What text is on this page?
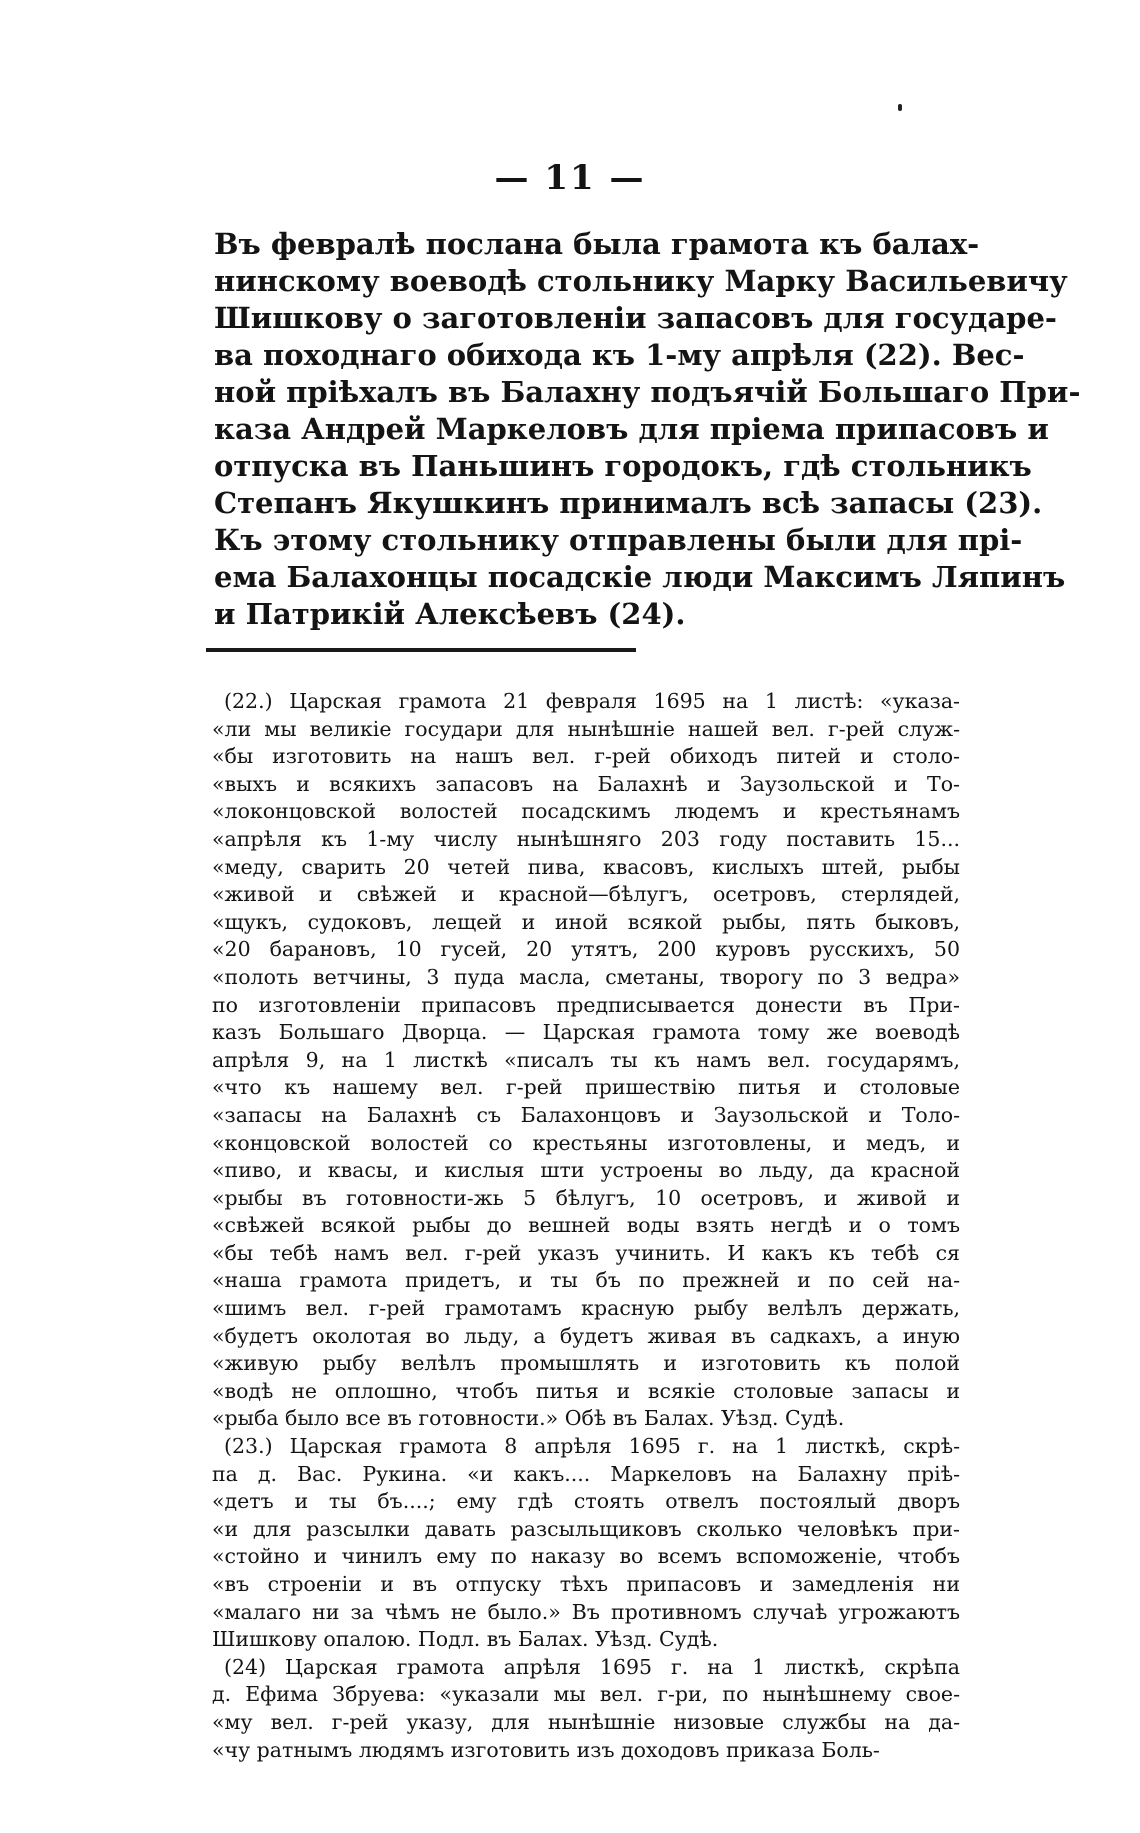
— 11 —
Въ февралѣ послана была грамота къ балах-
нинскому воеводѣ стольнику Марку Васильевичу
Шишкову о заготовленіи запасовъ для государе-
ва походнаго обихода къ 1-му апрѣля (22). Вес-
ной пріѣхалъ въ Балахну подъячій Большаго При-
каза Андрей Маркеловъ для пріема припасовъ и
отпуска въ Паньшинъ городокъ, гдѣ стольникъ
Степанъ Якушкинъ принималъ всѣ запасы (23).
Къ этому стольнику отправлены были для прі-
ема Балахонцы посадскіе люди Максимъ Ляпинъ
и Патрикій Алексѣевъ (24).
(22.) Царская грамота 21 февраля 1695 на 1 листѣ: «указа-
«ли мы великіе государи для нынѣшніе нашей вел. г-рей служ-
«бы изготовить на нашъ вел. г-рей обиходъ питей и столо-
«выхъ и всякихъ запасовъ на Балахнѣ и Заузольской и То-
«локонцовской волостей посадскимъ людемъ и крестьянамъ
«апрѣля къ 1-му числу нынѣшняго 203 году поставить 15...
«меду, сварить 20 четей пива, квасовъ, кислыхъ штей, рыбы
«живой и свѣжей и красной—бѣлугъ, осетровъ, стерлядей,
«щукъ, судоковъ, лещей и иной всякой рыбы, пять быковъ,
«20 барановъ, 10 гусей, 20 утятъ, 200 куровъ русскихъ, 50
«полоть ветчины, 3 пуда масла, сметаны, творогу по 3 ведра»
по изготовленіи припасовъ предписывается донести въ При-
казъ Большаго Дворца. — Царская грамота тому же воеводѣ
апрѣля 9, на 1 листкѣ «писалъ ты къ намъ вел. государямъ,
«что къ нашему вел. г-рей пришествію питья и столовые
«запасы на Балахнѣ съ Балахонцовъ и Заузольской и Толо-
«концовской волостей со крестьяны изготовлены, и медъ, и
«пиво, и квасы, и кислыя шти устроены во льду, да красной
«рыбы въ готовности-жь 5 бѣлугъ, 10 осетровъ, и живой и
«свѣжей всякой рыбы до вешней воды взять негдѣ и о томъ
«бы тебѣ намъ вел. г-рей указъ учинить. И какъ къ тебѣ ся
«наша грамота придетъ, и ты бъ по прежней и по сей на-
«шимъ вел. г-рей грамотамъ красную рыбу велѣлъ держать,
«будетъ околотая во льду, а будетъ живая въ садкахъ, а иную
«живую рыбу велѣлъ промышлять и изготовить къ полой
«водѣ не оплошно, чтобъ питья и всякіе столовые запасы и
«рыба было все въ готовности.» Обѣ въ Балах. Уѣзд. Судѣ.
(23.) Царская грамота 8 апрѣля 1695 г. на 1 листкѣ, скрѣ-
па д. Вас. Рукина. «и какъ.... Маркеловъ на Балахну пріѣ-
«детъ и ты бъ....; ему гдѣ стоять отвелъ постоялый дворъ
«и для разсылки давать разсыльщиковъ сколько человѣкъ при-
«стойно и чинилъ ему по наказу во всемъ вспоможеніе, чтобъ
«въ строеніи и въ отпуску тѣхъ припасовъ и замедленія ни
«малаго ни за чѣмъ не было.» Въ противномъ случаѣ угрожаютъ
Шишкову опалою. Подл. въ Балах. Уѣзд. Судѣ.
(24) Царская грамота апрѣля 1695 г. на 1 листкѣ, скрѣпа
д. Ефима Збруева: «указали мы вел. г-ри, по нынѣшнему свое-
«му вел. г-рей указу, для нынѣшніе низовые службы на да-
«чу ратнымъ людямъ изготовить изъ доходовъ приказа Боль-
